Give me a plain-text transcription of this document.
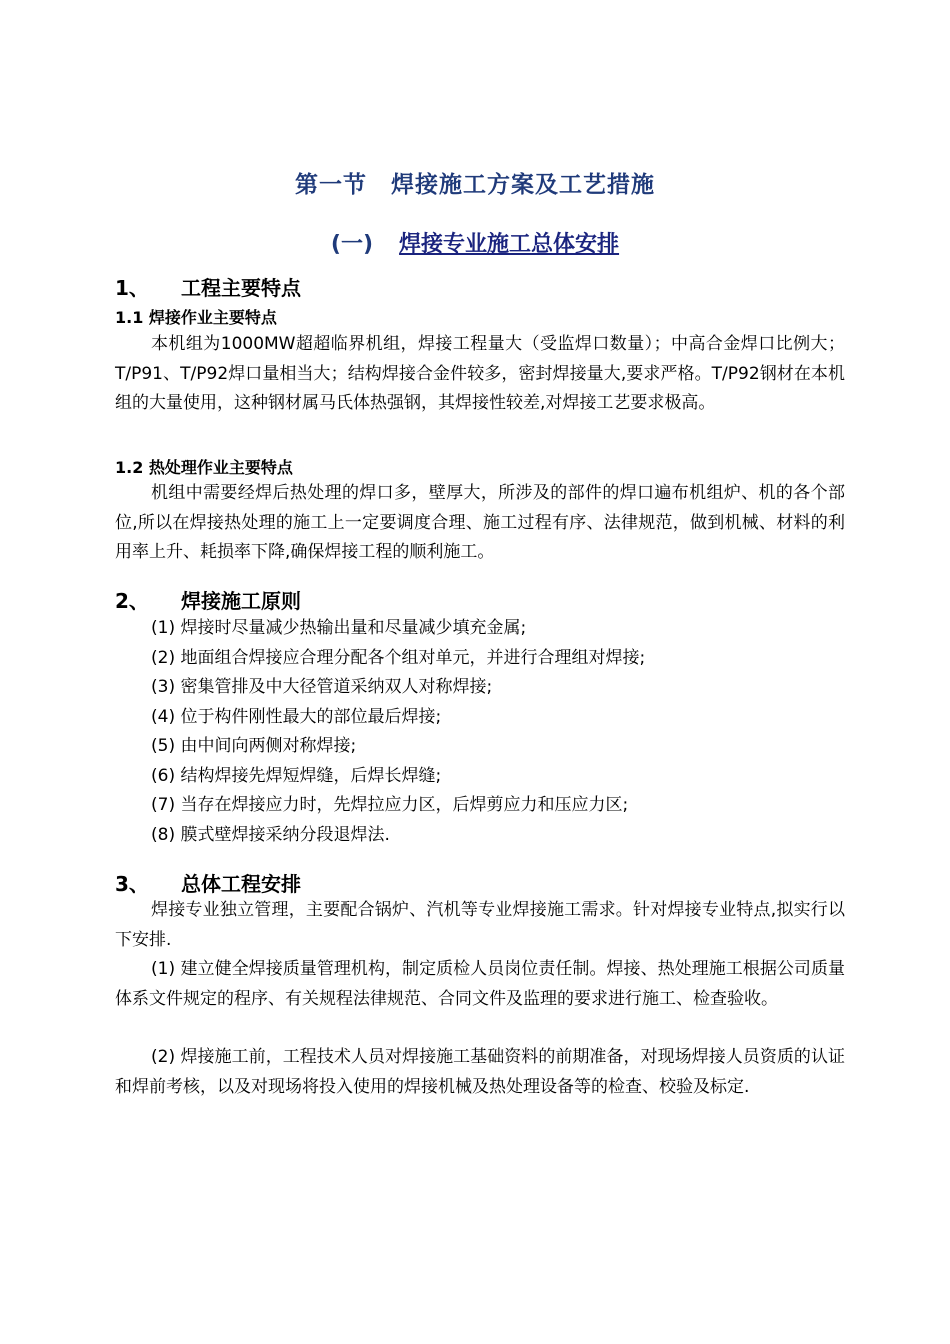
第一节　焊接施工方案及工艺措施
(一) 焊接专业施工总体安排
1、 工程主要特点
1.1 焊接作业主要特点
本机组为1000MW超超临界机组，焊接工程量大（受监焊口数量）；中高合金焊口比例大；T/P91、T/P92焊口量相当大；结构焊接合金件较多，密封焊接量大,要求严格。T/P92钢材在本机组的大量使用，这种钢材属马氏体热强钢，其焊接性较差,对焊接工艺要求极高。
1.2 热处理作业主要特点
机组中需要经焊后热处理的焊口多，壁厚大，所涉及的部件的焊口遍布机组炉、机的各个部位,所以在焊接热处理的施工上一定要调度合理、施工过程有序、法律规范，做到机械、材料的利用率上升、耗损率下降,确保焊接工程的顺利施工。
2、 焊接施工原则
(1) 焊接时尽量减少热输出量和尽量减少填充金属;
(2) 地面组合焊接应合理分配各个组对单元，并进行合理组对焊接;
(3) 密集管排及中大径管道采纳双人对称焊接;
(4) 位于构件刚性最大的部位最后焊接;
(5) 由中间向两侧对称焊接;
(6) 结构焊接先焊短焊缝，后焊长焊缝;
(7) 当存在焊接应力时，先焊拉应力区，后焊剪应力和压应力区;
(8) 膜式壁焊接采纳分段退焊法.
3、 总体工程安排
焊接专业独立管理，主要配合锅炉、汽机等专业焊接施工需求。针对焊接专业特点,拟实行以下安排.
(1) 建立健全焊接质量管理机构，制定质检人员岗位责任制。焊接、热处理施工根据公司质量体系文件规定的程序、有关规程法律规范、合同文件及监理的要求进行施工、检查验收。
(2) 焊接施工前，工程技术人员对焊接施工基础资料的前期准备，对现场焊接人员资质的认证和焊前考核，以及对现场将投入使用的焊接机械及热处理设备等的检查、校验及标定.
